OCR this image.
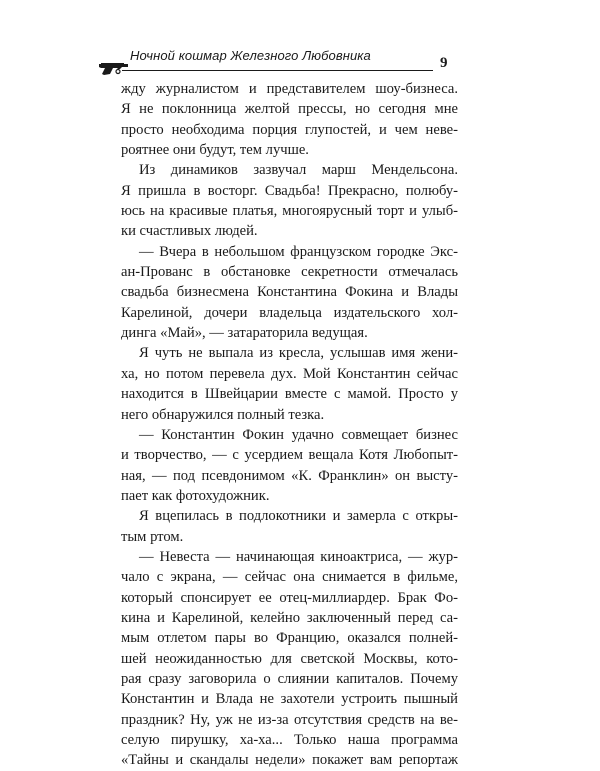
Ночной кошмар Железного Любовника	9
жду журналистом и представителем шоу-бизнеса.
Я не поклонница желтой прессы, но сегодня мне
просто необходима порция глупостей, и чем неве-
роятнее они будут, тем лучше.
Из динамиков зазвучал марш Мендельсона.
Я пришла в восторг. Свадьба! Прекрасно, полюбу-
юсь на красивые платья, многоярусный торт и улыб-
ки счастливых людей.
— Вчера в небольшом французском городке Экс-
ан-Прованс в обстановке секретности отмечалась
свадьба бизнесмена Константина Фокина и Влады
Карелиной, дочери владельца издательского хол-
динга «Май», — затараторила ведущая.
Я чуть не выпала из кресла, услышав имя жени-
ха, но потом перевела дух. Мой Константин сейчас
находится в Швейцарии вместе с мамой. Просто у
него обнаружился полный тезка.
— Константин Фокин удачно совмещает бизнес
и творчество, — с усердием вещала Котя Любопыт-
ная, — под псевдонимом «К. Франклин» он высту-
пает как фотохудожник.
Я вцепилась в подлокотники и замерла с откры-
тым ртом.
— Невеста — начинающая киноактриса, — жур-
чало с экрана, — сейчас она снимается в фильме,
который спонсирует ее отец-миллиардер. Брак Фо-
кина и Карелиной, келейно заключенный перед са-
мым отлетом пары во Францию, оказался полней-
шей неожиданностью для светской Москвы, кото-
рая сразу заговорила о слиянии капиталов. Почему
Константин и Влада не захотели устроить пышный
праздник? Ну, уж не из-за отсутствия средств на ве-
селую пирушку, ха-ха... Только наша программа
«Тайны и скандалы недели» покажет вам репортаж
